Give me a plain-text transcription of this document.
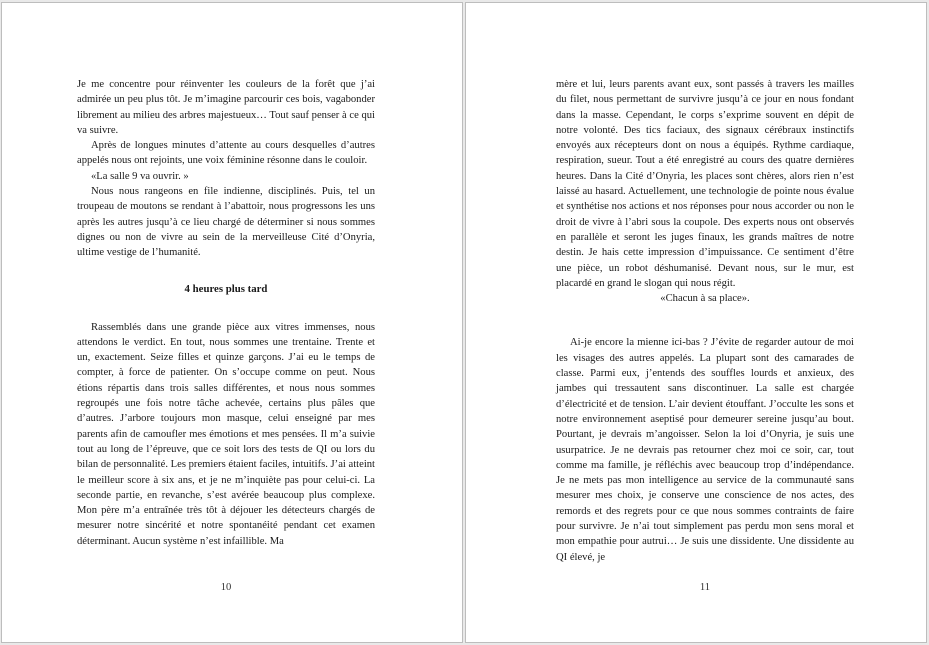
Je me concentre pour réinventer les couleurs de la forêt que j’ai admirée un peu plus tôt. Je m’imagine parcourir ces bois, vagabonder librement au milieu des arbres majestueux… Tout sauf penser à ce qui va suivre.

Après de longues minutes d’attente au cours desquelles d’autres appelés nous ont rejoints, une voix féminine résonne dans le couloir.

«La salle 9 va ouvrir. »

Nous nous rangeons en file indienne, disciplinés. Puis, tel un troupeau de moutons se rendant à l’abattoir, nous progressons les uns après les autres jusqu’à ce lieu chargé de déterminer si nous sommes dignes ou non de vivre au sein de la merveilleuse Cité d’Onyria, ultime vestige de l’humanité.

4 heures plus tard

Rassemblés dans une grande pièce aux vitres immenses, nous attendons le verdict. En tout, nous sommes une trentaine. Trente et un, exactement. Seize filles et quinze garçons. J’ai eu le temps de compter, à force de patienter. On s’occupe comme on peut. Nous étions répartis dans trois salles différentes, et nous nous sommes regroupés une fois notre tâche achevée, certains plus pâles que d’autres. J’arbore toujours mon masque, celui enseigné par mes parents afin de camoufler mes émotions et mes pensées. Il m’a suivie tout au long de l’épreuve, que ce soit lors des tests de QI ou lors du bilan de personnalité. Les premiers étaient faciles, intuitifs. J’ai atteint le meilleur score à six ans, et je ne m’inquiète pas pour celui-ci. La seconde partie, en revanche, s’est avérée beaucoup plus complexe. Mon père m’a entraînée très tôt à déjouer les détecteurs chargés de mesurer notre sincérité et notre spontanéité pendant cet examen déterminant. Aucun système n’est infaillible. Ma

10

mère et lui, leurs parents avant eux, sont passés à travers les mailles du filet, nous permettant de survivre jusqu’à ce jour en nous fondant dans la masse. Cependant, le corps s’exprime souvent en dépit de notre volonté. Des tics faciaux, des signaux cérébraux instinctifs envoyés aux récepteurs dont on nous a équipés. Rythme cardiaque, respiration, sueur. Tout a été enregistré au cours des quatre dernières heures. Dans la Cité d’Onyria, les places sont chères, alors rien n’est laissé au hasard. Actuellement, une technologie de pointe nous évalue et synthétise nos actions et nos réponses pour nous accorder ou non le droit de vivre à l’abri sous la coupole. Des experts nous ont observés en parallèle et seront les juges finaux, les grands maîtres de notre destin. Je hais cette impression d’impuissance. Ce sentiment d’être une pièce, un robot déshumanisé. Devant nous, sur le mur, est placardé en grand le slogan qui nous régit.

«Chacun à sa place».

Ai-je encore la mienne ici-bas ? J’évite de regarder autour de moi les visages des autres appelés. La plupart sont des camarades de classe. Parmi eux, j’entends des souffles lourds et anxieux, des jambes qui tressautent sans discontinuer. La salle est chargée d’électricité et de tension. L’air devient étouffant. J’occulte les sons et notre environnement aseptisé pour demeurer sereine jusqu’au bout. Pourtant, je devrais m’angoisser. Selon la loi d’Onyria, je suis une usurpatrice. Je ne devrais pas retourner chez moi ce soir, car, tout comme ma famille, je réfléchis avec beaucoup trop d’indépendance. Je ne mets pas mon intelligence au service de la communauté sans mesurer mes choix, je conserve une conscience de nos actes, des remords et des regrets pour ce que nous sommes contraints de faire pour survivre. Je n’ai tout simplement pas perdu mon sens moral et mon empathie pour autrui… Je suis une dissidente. Une dissidente au QI élevé, je

11
